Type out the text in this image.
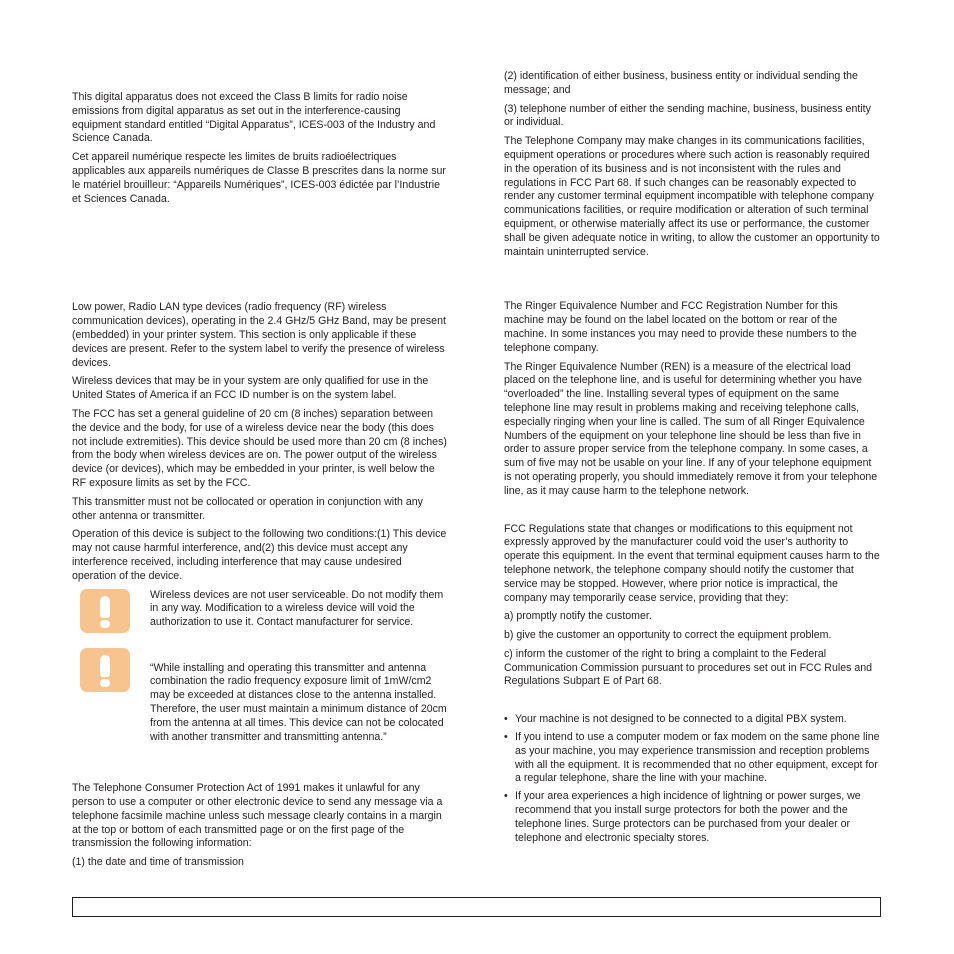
This digital apparatus does not exceed the Class B limits for radio noise emissions from digital apparatus as set out in the interference-causing equipment standard entitled “Digital Apparatus”, ICES-003 of the Industry and Science Canada.

Cet appareil numérique respecte les limites de bruits radioélectriques applicables aux appareils numériques de Classe B prescrites dans la norme sur le matériel brouilleur: “Appareils Numériques”, ICES-003 édictée par l’Industrie et Sciences Canada.

Low power, Radio LAN type devices (radio frequency (RF) wireless communication devices), operating in the 2.4 GHz/5 GHz Band, may be present (embedded) in your printer system. This section is only applicable if these devices are present. Refer to the system label to verify the presence of wireless devices.

Wireless devices that may be in your system are only qualified for use in the United States of America if an FCC ID number is on the system label.

The FCC has set a general guideline of 20 cm (8 inches) separation between the device and the body, for use of a wireless device near the body (this does not include extremities). This device should be used more than 20 cm (8 inches) from the body when wireless devices are on. The power output of the wireless device (or devices), which may be embedded in your printer, is well below the RF exposure limits as set by the FCC.

This transmitter must not be collocated or operation in conjunction with any other antenna or transmitter.

Operation of this device is subject to the following two conditions:(1) This device may not cause harmful interference, and(2) this device must accept any interference received, including interference that may cause undesired operation of the device.

Wireless devices are not user serviceable. Do not modify them in any way. Modification to a wireless device will void the authorization to use it. Contact manufacturer for service.
“While installing and operating this transmitter and antenna combination the radio frequency exposure limit of 1mW/cm2 may be exceeded at distances close to the antenna installed. Therefore, the user must maintain a minimum distance of 20cm from the antenna at all times. This device can not be colocated with another transmitter and transmitting antenna.”

The Telephone Consumer Protection Act of 1991 makes it unlawful for any person to use a computer or other electronic device to send any message via a telephone facsimile machine unless such message clearly contains in a margin at the top or bottom of each transmitted page or on the first page of the transmission the following information:

(1) the date and time of transmission

(2) identification of either business, business entity or individual sending the message; and

(3) telephone number of either the sending machine, business, business entity or individual.

The Telephone Company may make changes in its communications facilities, equipment operations or procedures where such action is reasonably required in the operation of its business and is not inconsistent with the rules and regulations in FCC Part 68. If such changes can be reasonably expected to render any customer terminal equipment incompatible with telephone company communications facilities, or require modification or alteration of such terminal equipment, or otherwise materially affect its use or performance, the customer shall be given adequate notice in writing, to allow the customer an opportunity to maintain uninterrupted service.

The Ringer Equivalence Number and FCC Registration Number for this machine may be found on the label located on the bottom or rear of the machine. In some instances you may need to provide these numbers to the telephone company.

The Ringer Equivalence Number (REN) is a measure of the electrical load placed on the telephone line, and is useful for determining whether you have “overloaded” the line. Installing several types of equipment on the same telephone line may result in problems making and receiving telephone calls, especially ringing when your line is called. The sum of all Ringer Equivalence Numbers of the equipment on your telephone line should be less than five in order to assure proper service from the telephone company. In some cases, a sum of five may not be usable on your line. If any of your telephone equipment is not operating properly, you should immediately remove it from your telephone line, as it may cause harm to the telephone network.

FCC Regulations state that changes or modifications to this equipment not expressly approved by the manufacturer could void the user’s authority to operate this equipment. In the event that terminal equipment causes harm to the telephone network, the telephone company should notify the customer that service may be stopped. However, where prior notice is impractical, the company may temporarily cease service, providing that they:

a) promptly notify the customer.

b) give the customer an opportunity to correct the equipment problem.

c) inform the customer of the right to bring a complaint to the Federal Communication Commission pursuant to procedures set out in FCC Rules and Regulations Subpart E of Part 68.

• Your machine is not designed to be connected to a digital PBX system.
• If you intend to use a computer modem or fax modem on the same phone line as your machine, you may experience transmission and reception problems with all the equipment. It is recommended that no other equipment, except for a regular telephone, share the line with your machine.
• If your area experiences a high incidence of lightning or power surges, we recommend that you install surge protectors for both the power and the telephone lines. Surge protectors can be purchased from your dealer or telephone and electronic specialty stores.
